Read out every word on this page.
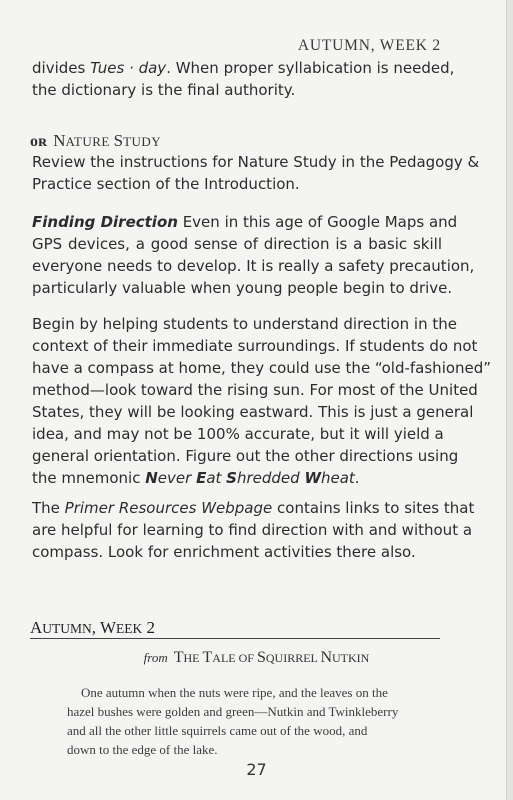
AUTUMN, WEEK 2

divides Tues · day. When proper syllabication is needed,
the dictionary is the final authority.

ᴏʀ NATURE STUDY

Review the instructions for Nature Study in the Pedagogy &
Practice section of the Introduction.

Finding Direction Even in this age of Google Maps and
GPS devices, a good sense of direction is a basic skill
everyone needs to develop. It is really a safety precaution,
particularly valuable when young people begin to drive.

Begin by helping students to understand direction in the
context of their immediate surroundings. If students do not
have a compass at home, they could use the “old-fashioned”
method—look toward the rising sun. For most of the United
States, they will be looking eastward. This is just a general
idea, and may not be 100% accurate, but it will yield a
general orientation. Figure out the other directions using
the mnemonic Never Eat Shredded Wheat.

The Primer Resources Webpage contains links to sites that
are helpful for learning to find direction with and without a
compass. Look for enrichment activities there also.

AUTUMN, WEEK 2
from THE TALE OF SQUIRREL NUTKIN

One autumn when the nuts were ripe, and the leaves on the
hazel bushes were golden and green—Nutkin and Twinkleberry
and all the other little squirrels came out of the wood, and
down to the edge of the lake.

27
